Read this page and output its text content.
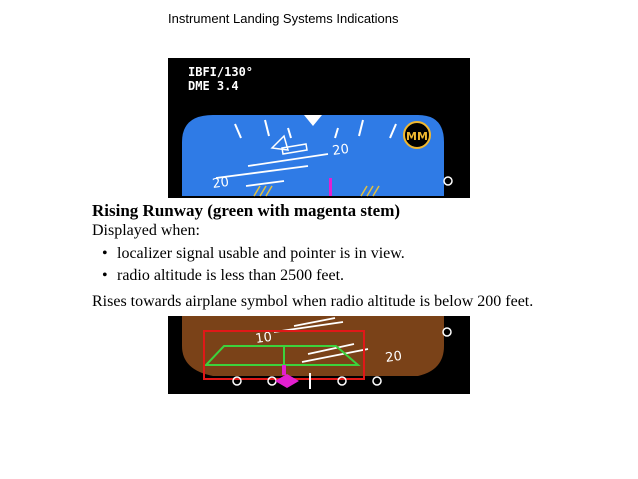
Instrument Landing Systems Indications
IBFI/130°
DME 3.4
20
20
MM
10
20
Rising Runway (green with magenta stem)
Displayed when:
• localizer signal usable and pointer is in view.
• radio altitude is less than 2500 feet.
Rises towards airplane symbol when radio altitude is below 200 feet.
